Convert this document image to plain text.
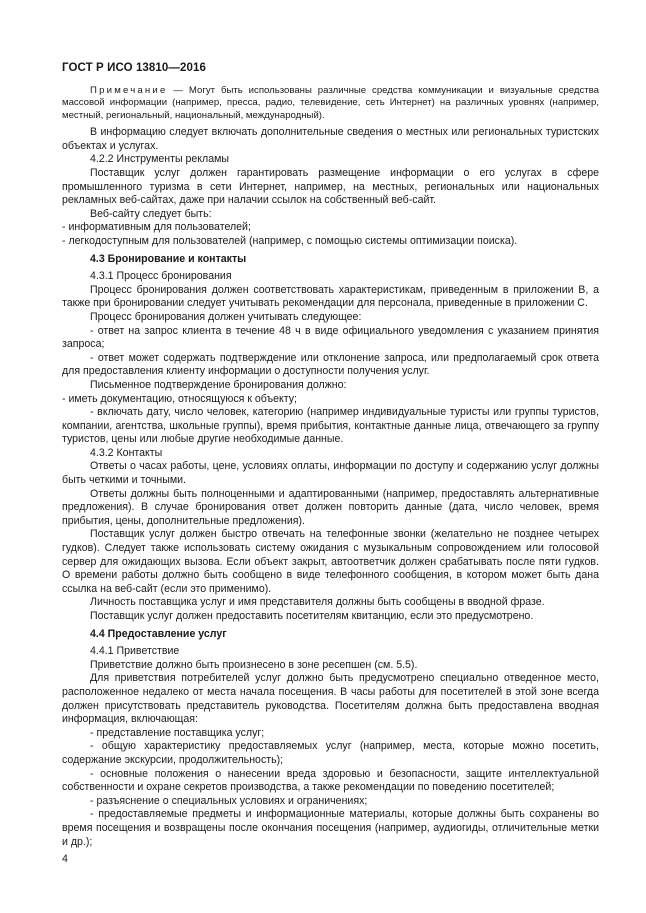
ГОСТ Р ИСО 13810—2016

Примечание — Могут быть использованы различные средства коммуникации и визуальные средства массовой информации (например, пресса, радио, телевидение, сеть Интернет) на различных уровнях (например, местный, региональный, национальный, международный).

В информацию следует включать дополнительные сведения о местных или региональных туристских объектах и услугах.

4.2.2 Инструменты рекламы

Поставщик услуг должен гарантировать размещение информации о его услугах в сфере промышленного туризма в сети Интернет, например, на местных, региональных или национальных рекламных веб-сайтах, даже при налачии ссылок на собственный веб-сайт.

Веб-сайту следует быть:

- информативным для пользователей;

- легкодоступным для пользователей (например, с помощью системы оптимизации поиска).

4.3 Бронирование и контакты

4.3.1 Процесс бронирования

Процесс бронирования должен соответствовать характеристикам, приведенным в приложении В, а также при бронировании следует учитывать рекомендации для персонала, приведенные в приложении С.

Процесс бронирования должен учитывать следующее:

- ответ на запрос клиента в течение 48 ч в виде официального уведомления с указанием принятия запроса;

- ответ может содержать подтверждение или отклонение запроса, или предполагаемый срок ответа для предоставления клиенту информации о доступности получения услуг.

Письменное подтверждение бронирования должно:

- иметь документацию, относящуюся к объекту;

- включать дату, число человек, категорию (например индивидуальные туристы или группы туристов, компании, агентства, школьные группы), время прибытия, контактные данные лица, отвечающего за группу туристов, цены или любые другие необходимые данные.

4.3.2 Контакты

Ответы о часах работы, цене, условиях оплаты, информации по доступу и содержанию услуг должны быть четкими и точными.

Ответы должны быть полноценными и адаптированными (например, предоставлять альтернативные предложения). В случае бронирования ответ должен повторить данные (дата, число человек, время прибытия, цены, дополнительные предложения).

Поставщик услуг должен быстро отвечать на телефонные звонки (желательно не позднее четырех гудков). Следует также использовать систему ожидания с музыкальным сопровождением или голосовой сервер для ожидающих вызова. Если объект закрыт, автоответчик должен срабатывать после пяти гудков. О времени работы должно быть сообщено в виде телефонного сообщения, в котором может быть дана ссылка на веб-сайт (если это применимо).

Личность поставщика услуг и имя представителя должны быть сообщены в вводной фразе.

Поставщик услуг должен предоставить посетителям квитанцию, если это предусмотрено.

4.4 Предоставление услуг

4.4.1 Приветствие

Приветствие должно быть произнесено в зоне ресепшен (см. 5.5).

Для приветствия потребителей услуг должно быть предусмотрено специально отведенное место, расположенное недалеко от места начала посещения. В часы работы для посетителей в этой зоне всегда должен присутствовать представитель руководства. Посетителям должна быть предоставлена вводная информация, включающая:

- представление поставщика услуг;

- общую характеристику предоставляемых услуг (например, места, которые можно посетить, содержание экскурсии, продолжительность);

- основные положения о нанесении вреда здоровью и безопасности, защите интеллектуальной собственности и охране секретов производства, а также рекомендации по поведению посетителей;

- разъяснение о специальных условиях и ограничениях;

- предоставляемые предметы и информационные материалы, которые должны быть сохранены во время посещения и возвращены после окончания посещения (например, аудиогиды, отличительные метки и др.);

4
